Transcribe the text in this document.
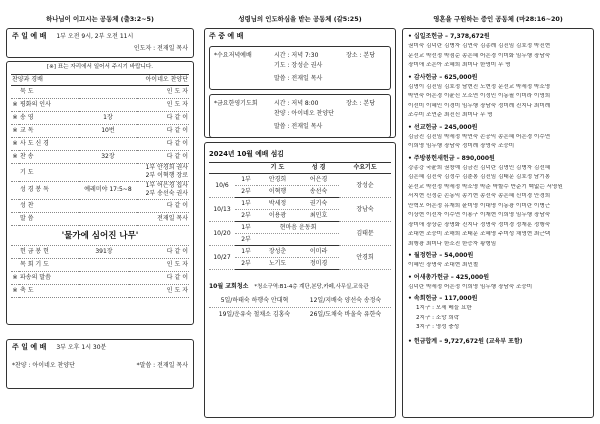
하나님이 이끄시는 공동체 (출3:2~5)
주 일 예 배 1부 오전 9시, 2부 오전 11시
인도자 : 전재일 목사
[※] 표는 자리에서 일어서 주시기 바랍니다.
찬양과 경배			아이네오 찬양단
	묵 도		인 도 자
※	평화의 인사		인 도 자
※	송 영	1장	다 같 이
※	교 독	10번	다 같 이
※	사 도 신 경		다 같 이
※	찬 송	32장	다 같 이
	기 도	1부 안경희 권사
2부 이혁행 장로	

	성 경 봉 독	예레미야 17:5~8	1부 어은경 집사
2부 송선숙 권사

	성 찬		다 같 이
	말 씀		전재일 목사
'물가에 심어진 나무'
	헌 금 봉 헌	391장	다 같 이
	목 회 기 도		인 도 자
※	파송의 말씀		다 같 이
※	축 도		인 도 자
주 일 예 배 3부 오후 1시 30분
*찬양 : 아이네오 찬양단	*말씀 : 전재일 목사
성령님의 인도하심을 받는 공동체 (갈5:25)
주 중 예 배
*수요저녁예배	시간 : 저녁 7:30	장소 : 본당
기도 : 장성순 권사
말씀 : 전재일 목사
*금요한영기도회	시간 : 저녁 8:00	장소 : 본당
찬양 : 아이네오 찬양단
말씀 : 전재일 목사
2024년 10월 예배 섬김
		기 도	성 경	수요기도
10/6	1부	안경희	어은경	장성순
	2부	이혁행	송선숙	
10/13	1부	박세정	권기숙	장남숙
	2부	이용광	최민호	
10/20	1부	현마음 운동회		김태문
	2부			
10/27	1부	장성춘	이미라	안경희
	2부	노기도	정미경	
10월 교회청소 *청소구역:B1-4층 계단,본당,카페,사무실,교육관
5일/하태숙 하행숙 안대혁	12일/지배숙 양선숙 송정숙
19일/운유숙 철채소 김홍숙	26일/도채숙 바울숙 유한숙
영혼을 구원하는 증인 공동체 (마28:16~20)
• 십일조헌금 – 7,378,672원
권미숙 김덕란 김병자 김연숙 김종례 김진임 김호정 박진현
문선교 박선정 박점순 송은혜 어은경 이미화 임두행 장남숙
장미애 조은아 조혜희 최미나 한영미 무 명
• 감사헌금 – 625,000원
김명이 김진임 김호정 남현진 노현정 문선교 박세정 박소영
박연숙 어은경 이윤신 오소연 이정민 이동필 이미라 이영희
이선미 이혜인 이경미 임두행 장남숙 정미례 진지나 최미례
조수미 조연준 최진신 최미나 무 명
• 선교헌금 – 245,000원
김금진 김진임 박세정 박연숙 손공익 송은혜 어은경 이수연
이희영 임두행 장남숙 정미례 장영숙 조승미
• 주방봉헌새헌금 – 890,000원
강종강 국윤희 권창예 김금진 김덕란 김명인 김병자 김선혜
김은혜 김진숙 김정수 김춘봉 김진임 김태문 김호정 남기봉
문선교 박선정 박세정 박소영 박준 박할수 반준기 백없는 서영원
서지현 신정순 손동익 송기현 송선숙 송은혜 신미경 안경희
안혁모 어은정 유재희 윤미영 이대명 이동광 이미란 이병근
이상현 이선자 이수연 이용구 이재현 이희영 임두행 장남숙
장미애 장상순 장명화 진지나 정명숙 정미경 정재훈 정행숙
조대현 조승미 조해희 조태문 조혜영 주미성 채영현 최근택
최행광 최미나 한소진 한증자 황형임
• 월정헌금 – 54,000원
이혜인 장명숙 조대현 최민철
• 어새총가헌금 – 425,000원
김덕란 박세정 어은정 이희영 임두행 장남숙 조승미
• 속회헌금 – 117,000원
1지구 : 모세 베들 요한
2지구 : 소망 희락
3지구 : 영성 충성
• 헌금합계 – 9,727,672원 (교육부 포함)
